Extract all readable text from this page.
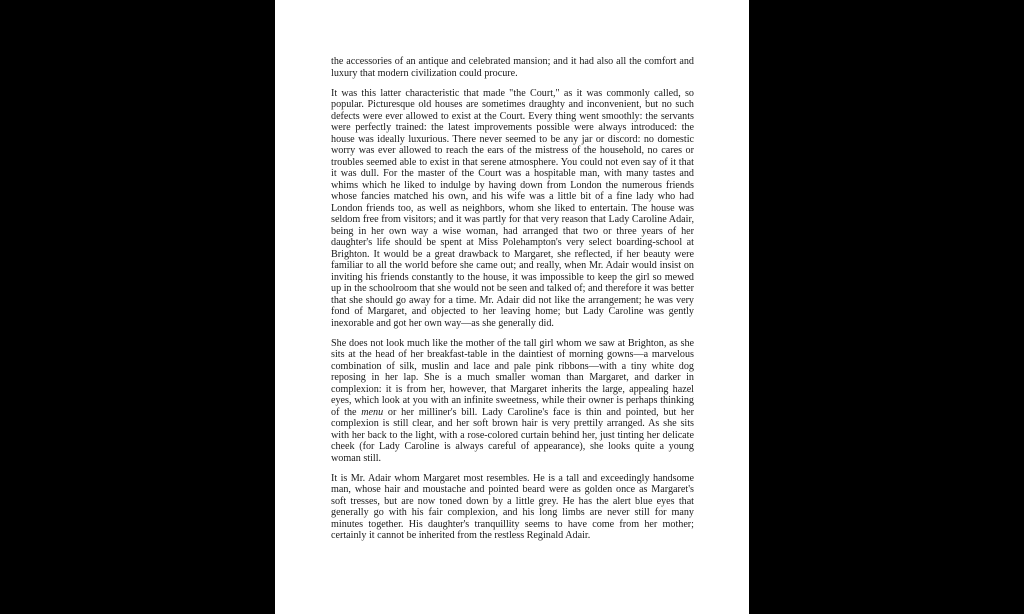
the accessories of an antique and celebrated mansion; and it had also all the comfort and luxury that modern civilization could procure.

It was this latter characteristic that made "the Court," as it was commonly called, so popular. Picturesque old houses are sometimes draughty and inconvenient, but no such defects were ever allowed to exist at the Court. Every thing went smoothly: the servants were perfectly trained: the latest improvements possible were always introduced: the house was ideally luxurious. There never seemed to be any jar or discord: no domestic worry was ever allowed to reach the ears of the mistress of the household, no cares or troubles seemed able to exist in that serene atmosphere. You could not even say of it that it was dull. For the master of the Court was a hospitable man, with many tastes and whims which he liked to indulge by having down from London the numerous friends whose fancies matched his own, and his wife was a little bit of a fine lady who had London friends too, as well as neighbors, whom she liked to entertain. The house was seldom free from visitors; and it was partly for that very reason that Lady Caroline Adair, being in her own way a wise woman, had arranged that two or three years of her daughter's life should be spent at Miss Polehampton's very select boarding-school at Brighton. It would be a great drawback to Margaret, she reflected, if her beauty were familiar to all the world before she came out; and really, when Mr. Adair would insist on inviting his friends constantly to the house, it was impossible to keep the girl so mewed up in the schoolroom that she would not be seen and talked of; and therefore it was better that she should go away for a time. Mr. Adair did not like the arrangement; he was very fond of Margaret, and objected to her leaving home; but Lady Caroline was gently inexorable and got her own way—as she generally did.

She does not look much like the mother of the tall girl whom we saw at Brighton, as she sits at the head of her breakfast-table in the daintiest of morning gowns—a marvelous combination of silk, muslin and lace and pale pink ribbons—with a tiny white dog reposing in her lap. She is a much smaller woman than Margaret, and darker in complexion: it is from her, however, that Margaret inherits the large, appealing hazel eyes, which look at you with an infinite sweetness, while their owner is perhaps thinking of the menu or her milliner's bill. Lady Caroline's face is thin and pointed, but her complexion is still clear, and her soft brown hair is very prettily arranged. As she sits with her back to the light, with a rose-colored curtain behind her, just tinting her delicate cheek (for Lady Caroline is always careful of appearance), she looks quite a young woman still.

It is Mr. Adair whom Margaret most resembles. He is a tall and exceedingly handsome man, whose hair and moustache and pointed beard were as golden once as Margaret's soft tresses, but are now toned down by a little grey. He has the alert blue eyes that generally go with his fair complexion, and his long limbs are never still for many minutes together. His daughter's tranquillity seems to have come from her mother; certainly it cannot be inherited from the restless Reginald Adair.
